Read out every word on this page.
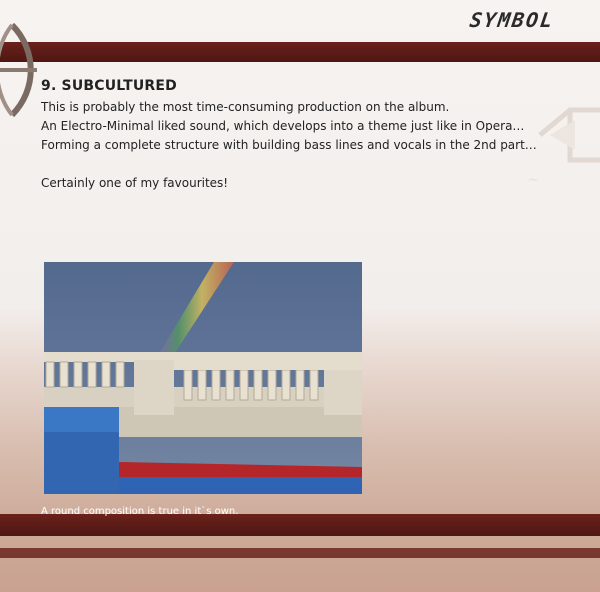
~
SYMBOL
9. SUBCULTURED
This is probably the most time-consuming production on the album.
An Electro-Minimal liked sound, which develops into a theme just like in Opera…
Forming a complete structure with building bass lines and vocals in the 2nd part…
Certainly one of my favourites!
A round composition is true in it`s own.
